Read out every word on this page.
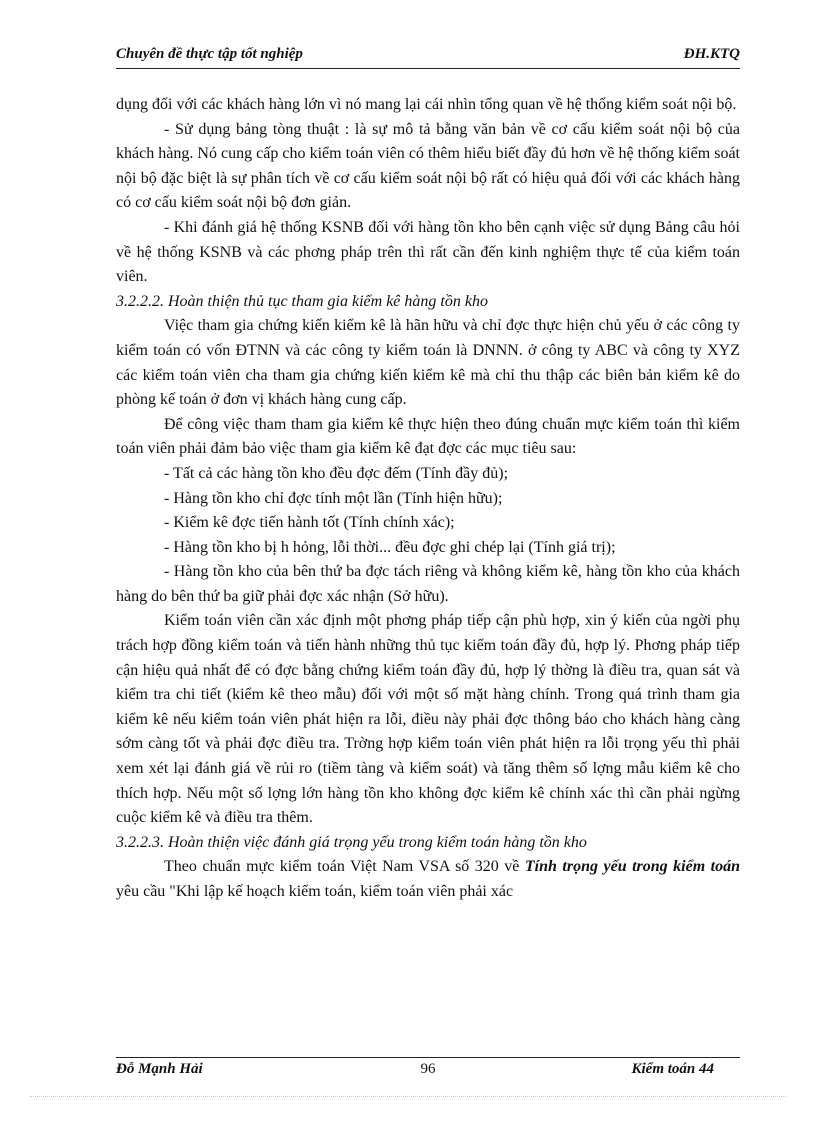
Chuyên đề thực tập tốt nghiệp	ĐH.KTQ

dụng đối với các khách hàng lớn vì nó mang lại cái nhìn tổng quan về hệ thống kiểm soát nội bộ.

- Sử dụng bảng tòng thuật : là sự mô tả bằng văn bản về cơ cấu kiểm soát nội bộ của khách hàng. Nó cung cấp cho kiểm toán viên có thêm hiểu biết đầy đủ hơn về hệ thống kiểm soát nội bộ đặc biệt là sự phân tích về cơ cấu kiểm soát nội bộ rất có hiệu quả đối với các khách hàng có cơ cấu kiểm soát nội bộ đơn giản.

- Khi đánh giá hệ thống KSNB đối với hàng tồn kho bên cạnh việc sử dụng Bảng câu hỏi về hệ thống KSNB và các phơng pháp trên thì rất cần đến kinh nghiệm thực tế của kiểm toán viên.

3.2.2.2. Hoàn thiện thủ tục tham gia kiểm kê hàng tồn kho

Việc tham gia chứng kiến kiểm kê là hãn hữu và chỉ đợc thực hiện chủ yếu ở các công ty kiểm toán có vốn ĐTNN và các công ty kiểm toán là DNNN. ở công ty ABC và công ty XYZ các kiểm toán viên cha tham gia chứng kiến kiểm kê mà chỉ thu thập các biên bản kiểm kê do phòng kế toán ở đơn vị khách hàng cung cấp.

Để công việc tham tham gia kiểm kê thực hiện theo đúng chuẩn mực kiểm toán thì kiểm toán viên phải đảm bảo việc tham gia kiểm kê đạt đợc các mục tiêu sau:

- Tất cả các hàng tồn kho đều đợc đếm (Tính đầy đủ);

- Hàng tồn kho chỉ đợc tính một lần (Tính hiện hữu);

- Kiểm kê đợc tiến hành tốt (Tính chính xác);

- Hàng tồn kho bị h hỏng, lỗi thời... đều đợc ghi chép lại (Tính giá trị);

- Hàng tồn kho của bên thứ ba đợc tách riêng và không kiểm kê, hàng tồn kho của khách hàng do bên thứ ba giữ phải đợc xác nhận (Sở hữu).

Kiểm toán viên cần xác định một phơng pháp tiếp cận phù hợp, xin ý kiến của ngời phụ trách hợp đồng kiểm toán và tiến hành những thủ tục kiểm toán đầy đủ, hợp lý. Phơng pháp tiếp cận hiệu quả nhất để có đợc bằng chứng kiểm toán đầy đủ, hợp lý thờng là điều tra, quan sát và kiểm tra chi tiết (kiểm kê theo mẫu) đối với một số mặt hàng chính. Trong quá trình tham gia kiểm kê nếu kiểm toán viên phát hiện ra lỗi, điều này phải đợc thông báo cho khách hàng càng sớm càng tốt và phải đợc điều tra. Trờng hợp kiểm toán viên phát hiện ra lỗi trọng yếu thì phải xem xét lại đánh giá về rủi ro (tiềm tàng và kiểm soát) và tăng thêm số lợng mẫu kiểm kê cho thích hợp. Nếu một số lợng lớn hàng tồn kho không đợc kiểm kê chính xác thì cần phải ngừng cuộc kiểm kê và điều tra thêm.

3.2.2.3. Hoàn thiện việc đánh giá trọng yếu trong kiểm toán hàng tồn kho

Theo chuẩn mực kiểm toán Việt Nam VSA số 320 về Tính trọng yếu trong kiểm toán yêu cầu "Khi lập kế hoạch kiểm toán, kiểm toán viên phải xác

Đỗ Mạnh Hải	96	Kiểm toán 44
